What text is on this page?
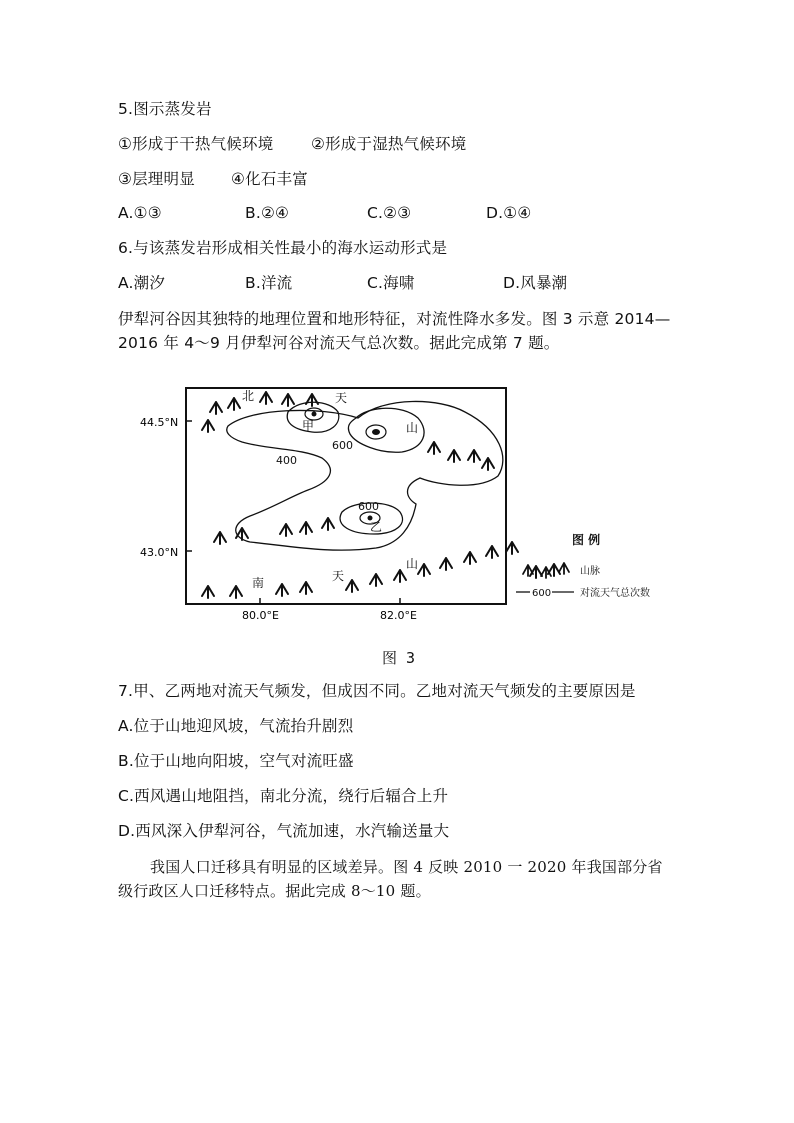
5.图示蒸发岩
①形成于干热气候环境 ②形成于湿热气候环境
③层理明显 ④化石丰富
A.①③	B.②④	C.②③	D.①④
6.与该蒸发岩形成相关性最小的海水运动形式是
A.潮汐	B.洋流	C.海啸	D.风暴潮
伊犁河谷因其独特的地理位置和地形特征，对流性降水多发。图 3 示意 2014—
2016 年 4～9 月伊犁河谷对流天气总次数。据此完成第 7 题。
44.5°N
43.0°N
80.0°E	82.0°E
600
400
600
甲
乙
北	天
山
南	天
山
图 例
山脉
600	对流天气总次数
图 3
7.甲、乙两地对流天气频发，但成因不同。乙地对流天气频发的主要原因是
A.位于山地迎风坡，气流抬升剧烈
B.位于山地向阳坡，空气对流旺盛
C.西风遇山地阻挡，南北分流，绕行后辐合上升
D.西风深入伊犁河谷，气流加速，水汽输送量大
我国人口迁移具有明显的区域差异。图 4 反映 2010 一 2020 年我国部分省
级行政区人口迁移特点。据此完成 8～10 题。
